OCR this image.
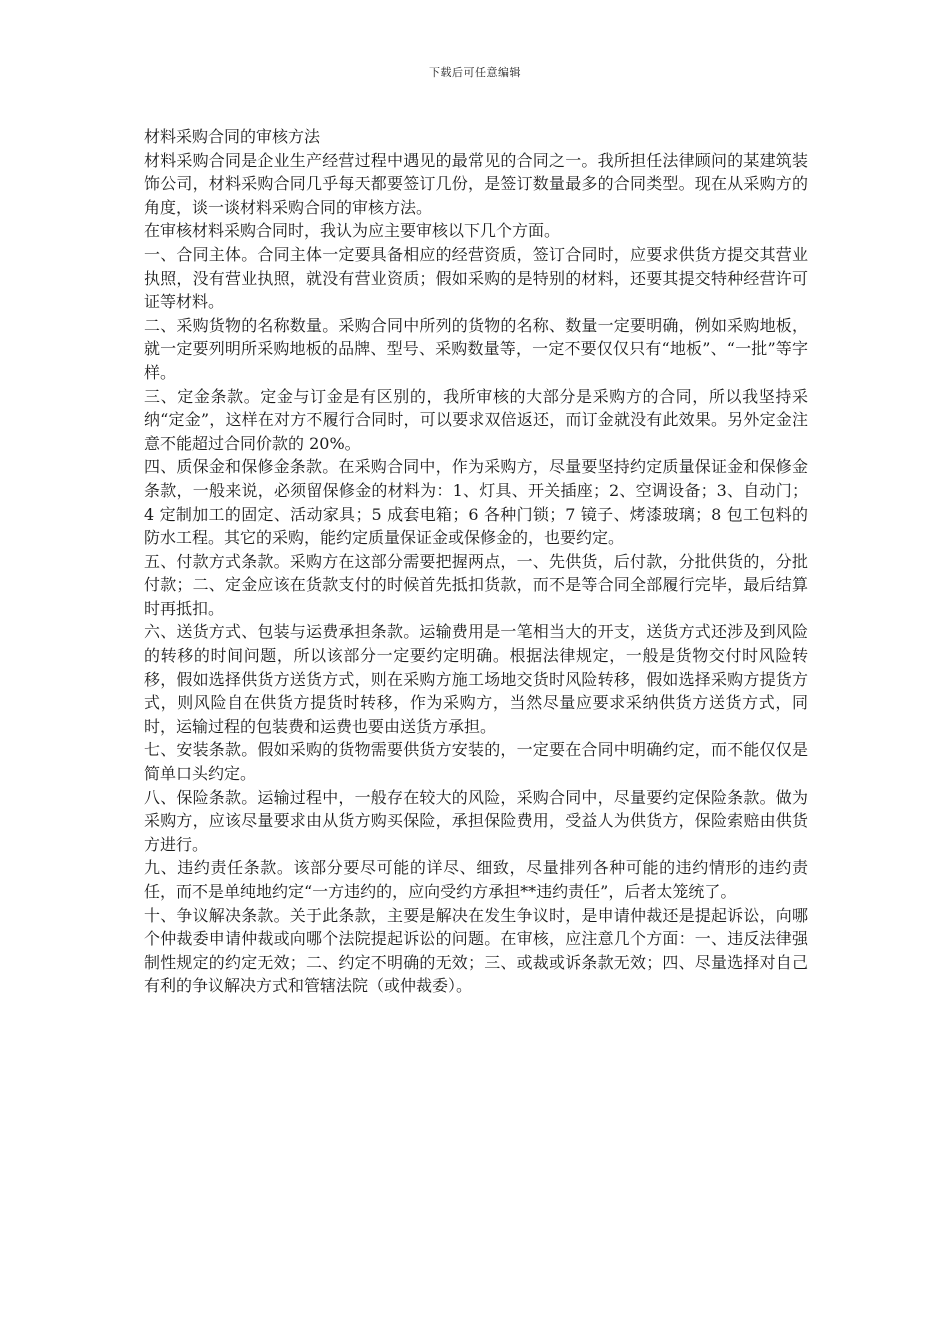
下载后可任意编辑

材料采购合同的审核方法

材料采购合同是企业生产经营过程中遇见的最常见的合同之一。我所担任法律顾问的某建筑装饰公司，材料采购合同几乎每天都要签订几份，是签订数量最多的合同类型。现在从采购方的角度，谈一谈材料采购合同的审核方法。

在审核材料采购合同时，我认为应主要审核以下几个方面。

一、合同主体。合同主体一定要具备相应的经营资质，签订合同时，应要求供货方提交其营业执照，没有营业执照，就没有营业资质；假如采购的是特别的材料，还要其提交特种经营许可证等材料。

二、采购货物的名称数量。采购合同中所列的货物的名称、数量一定要明确，例如采购地板，就一定要列明所采购地板的品牌、型号、采购数量等，一定不要仅仅只有“地板”、“一批”等字样。

三、定金条款。定金与订金是有区别的，我所审核的大部分是采购方的合同，所以我坚持采纳“定金”，这样在对方不履行合同时，可以要求双倍返还，而订金就没有此效果。另外定金注意不能超过合同价款的 20%。

四、质保金和保修金条款。在采购合同中，作为采购方，尽量要坚持约定质量保证金和保修金条款，一般来说，必须留保修金的材料为：1、灯具、开关插座；2、空调设备；3、自动门；4 定制加工的固定、活动家具；5 成套电箱；6 各种门锁；7 镜子、烤漆玻璃；8 包工包料的防水工程。其它的采购，能约定质量保证金或保修金的，也要约定。

五、付款方式条款。采购方在这部分需要把握两点，一、先供货，后付款，分批供货的，分批付款；二、定金应该在货款支付的时候首先抵扣货款，而不是等合同全部履行完毕，最后结算时再抵扣。

六、送货方式、包装与运费承担条款。运输费用是一笔相当大的开支，送货方式还涉及到风险的转移的时间问题，所以该部分一定要约定明确。根据法律规定，一般是货物交付时风险转移，假如选择供货方送货方式，则在采购方施工场地交货时风险转移，假如选择采购方提货方式，则风险自在供货方提货时转移，作为采购方，当然尽量应要求采纳供货方送货方式，同时，运输过程的包装费和运费也要由送货方承担。

七、安装条款。假如采购的货物需要供货方安装的，一定要在合同中明确约定，而不能仅仅是简单口头约定。

八、保险条款。运输过程中，一般存在较大的风险，采购合同中，尽量要约定保险条款。做为采购方，应该尽量要求由从货方购买保险，承担保险费用，受益人为供货方，保险索赔由供货方进行。

九、违约责任条款。该部分要尽可能的详尽、细致，尽量排列各种可能的违约情形的违约责任，而不是单纯地约定“一方违约的，应向受约方承担**违约责任”，后者太笼统了。

十、争议解决条款。关于此条款，主要是解决在发生争议时，是申请仲裁还是提起诉讼，向哪个仲裁委申请仲裁或向哪个法院提起诉讼的问题。在审核，应注意几个方面：一、违反法律强制性规定的约定无效；二、约定不明确的无效；三、或裁或诉条款无效；四、尽量选择对自己有利的争议解决方式和管辖法院（或仲裁委）。
